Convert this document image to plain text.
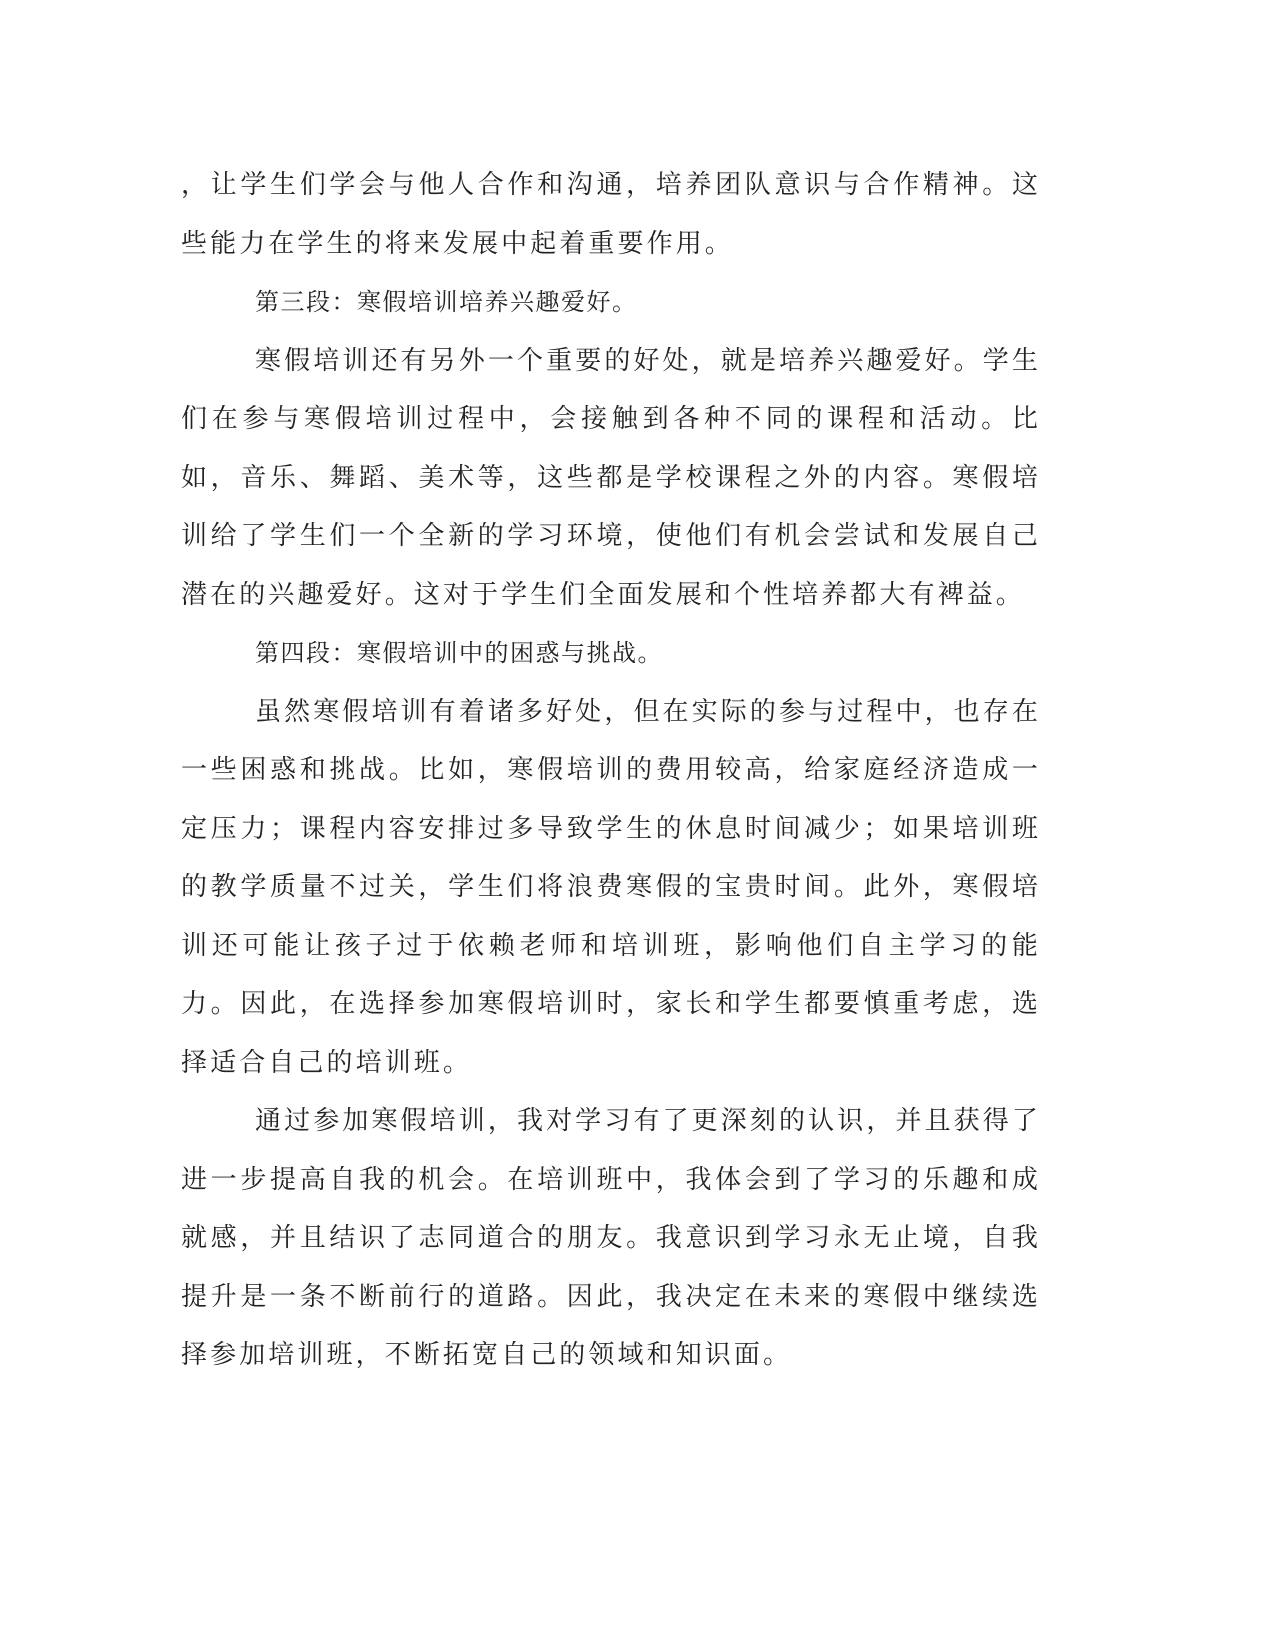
，让学生们学会与他人合作和沟通，培养团队意识与合作精神。这些能力在学生的将来发展中起着重要作用。

第三段：寒假培训培养兴趣爱好。

寒假培训还有另外一个重要的好处，就是培养兴趣爱好。学生们在参与寒假培训过程中，会接触到各种不同的课程和活动。比如，音乐、舞蹈、美术等，这些都是学校课程之外的内容。寒假培训给了学生们一个全新的学习环境，使他们有机会尝试和发展自己潜在的兴趣爱好。这对于学生们全面发展和个性培养都大有裨益。

第四段：寒假培训中的困惑与挑战。

虽然寒假培训有着诸多好处，但在实际的参与过程中，也存在一些困惑和挑战。比如，寒假培训的费用较高，给家庭经济造成一定压力；课程内容安排过多导致学生的休息时间减少；如果培训班的教学质量不过关，学生们将浪费寒假的宝贵时间。此外，寒假培训还可能让孩子过于依赖老师和培训班，影响他们自主学习的能力。因此，在选择参加寒假培训时，家长和学生都要慎重考虑，选择适合自己的培训班。

通过参加寒假培训，我对学习有了更深刻的认识，并且获得了进一步提高自我的机会。在培训班中，我体会到了学习的乐趣和成就感，并且结识了志同道合的朋友。我意识到学习永无止境，自我提升是一条不断前行的道路。因此，我决定在未来的寒假中继续选择参加培训班，不断拓宽自己的领域和知识面。
